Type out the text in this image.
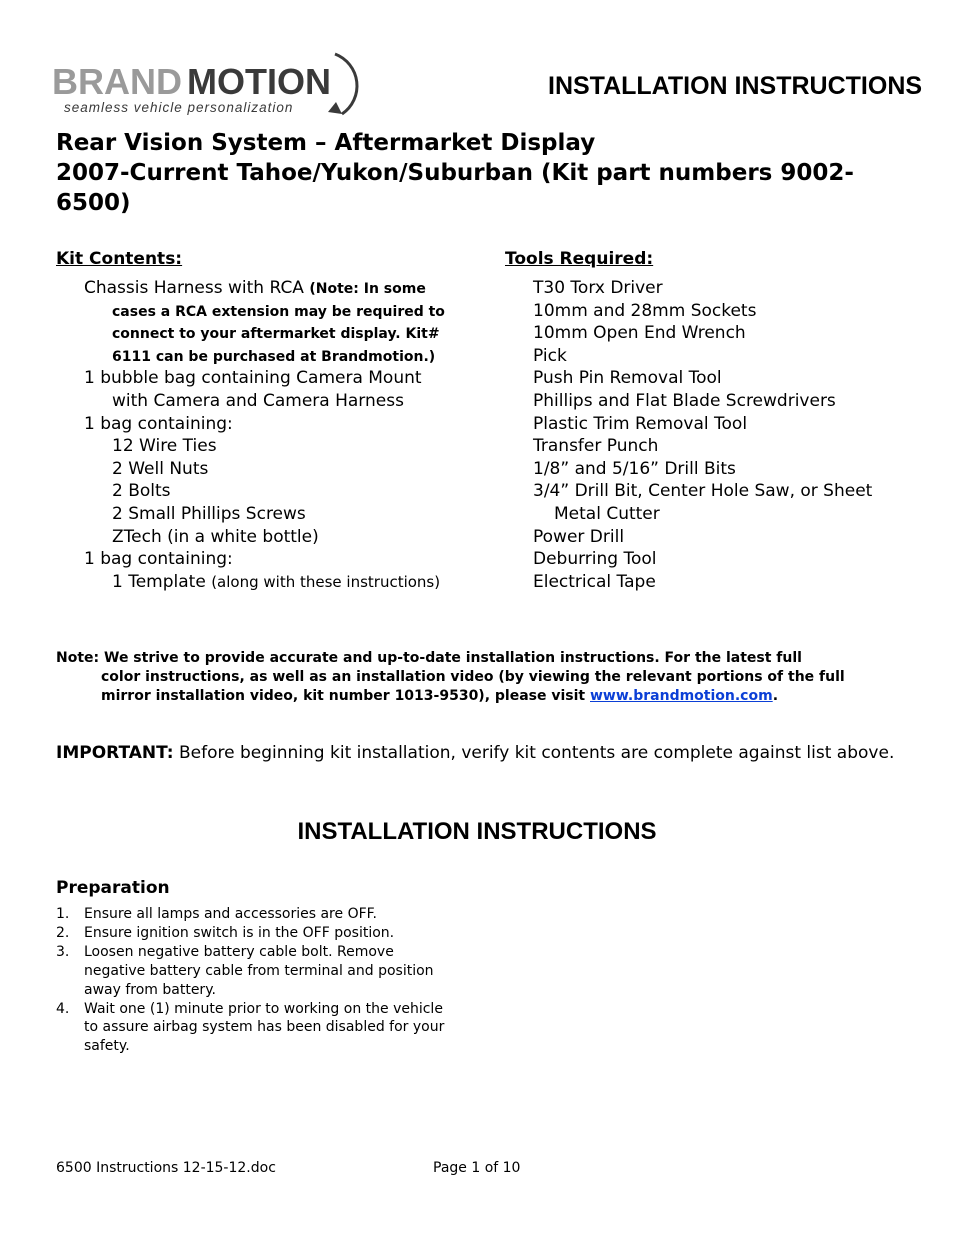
BRAND MOTION
seamless vehicle personalization
INSTALLATION INSTRUCTIONS
Rear Vision System – Aftermarket Display
2007-Current Tahoe/Yukon/Suburban (Kit part numbers 9002-6500)
Kit Contents:
Chassis Harness with RCA (Note: In some cases a RCA extension may be required to connect to your aftermarket display. Kit# 6111 can be purchased at Brandmotion.)
1 bubble bag containing Camera Mount with Camera and Camera Harness
1 bag containing:
12 Wire Ties
2 Well Nuts
2 Bolts
2 Small Phillips Screws
ZTech (in a white bottle)
1 bag containing:
1 Template (along with these instructions)
Tools Required:
T30 Torx Driver
10mm and 28mm Sockets
10mm Open End Wrench
Pick
Push Pin Removal Tool
Phillips and Flat Blade Screwdrivers
Plastic Trim Removal Tool
Transfer Punch
1/8” and 5/16” Drill Bits
3/4” Drill Bit, Center Hole Saw, or Sheet Metal Cutter
Power Drill
Deburring Tool
Electrical Tape
Note: We strive to provide accurate and up-to-date installation instructions. For the latest full color instructions, as well as an installation video (by viewing the relevant portions of the full mirror installation video, kit number 1013-9530), please visit www.brandmotion.com.
IMPORTANT: Before beginning kit installation, verify kit contents are complete against list above.
INSTALLATION INSTRUCTIONS
Preparation
1.	Ensure all lamps and accessories are OFF.
2.	Ensure ignition switch is in the OFF position.
3.	Loosen negative battery cable bolt. Remove negative battery cable from terminal and position away from battery.
4.	Wait one (1) minute prior to working on the vehicle to assure airbag system has been disabled for your safety.
6500 Instructions 12-15-12.doc	Page 1 of 10
